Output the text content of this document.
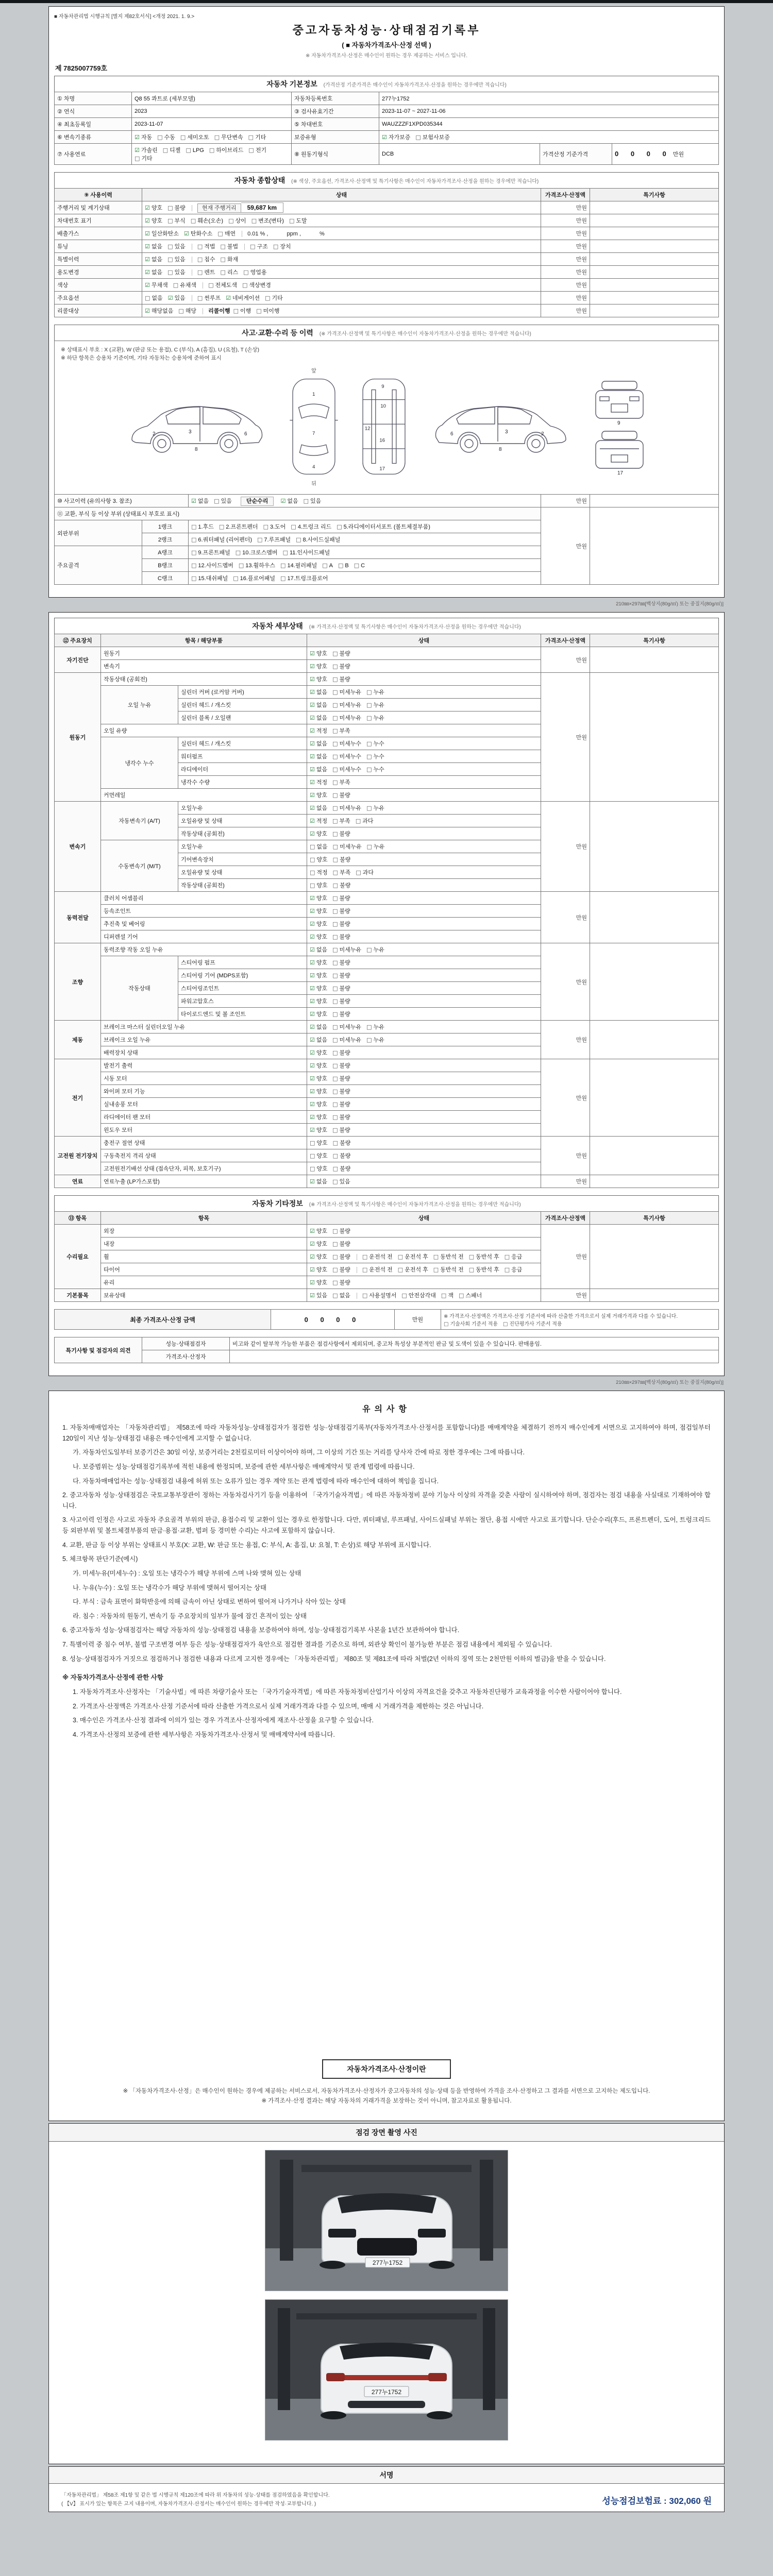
■ 자동차관리법 시행규칙 [별지 제82호서식] <개정 2021. 1. 9.>
중고자동차성능·상태점검기록부
( ■ 자동차가격조사·산정 선택 )
※ 자동차가격조사·산정은 매수인이 원하는 경우 제공하는 서비스 입니다.
제 7825007759호
자동차 기본정보 (가격산정 기준가격은 매수인이 자동차가격조사·산정을 원하는 경우에만 적습니다)
① 차명	Q8 55 콰트로 (세부모델)	자동차등록번호	277누1752		
② 연식	2023	③ 검사유효기간	2023-11-07 ~ 2027-11-06		
④ 최초등록일	2023-11-07	⑤ 차대번호	WAUZZZF1XPD035344		
⑥ 변속기종류	☑ 자동 □ 수동 □ 세미오토 □ 무단변속 □ 기타	보증유형	☑ 자가보증 □ 보험사보증		
⑦ 사용연료	☑ 가솔린 □ 디젤 □ LPG □ 하이브리드 □ 전기□ 기타	⑧ 원동기형식	DCB	가격산정 기준가격	0 0 0 0 만원
자동차 종합상태 (※ 색상, 주요옵션, 가격조사·산정액 및 특기사항은 매수인이 자동차가격조사·산정을 원하는 경우에만 적습니다)
⑨ 사용이력	상태	가격조사·산정액	특기사항
주행거리 및 계기상태	☑ 양호 □ 불량 현재 주행거리 59,687 km	만원	
차대번호 표기	☑ 양호 □ 부식 □ 훼손(오손) □ 상이 □ 변조(변타) □ 도말	만원	
배출가스	☑ 일산화탄소 ☑ 탄화수소 □ 매연 0.01 % ,　　　 ppm ,　　　 %	만원	
튜닝	☑ 없음 □ 있음 □ 적법 □ 불법 □ 구조 □ 장치	만원	
특별이력	☑ 없음 □ 있음 □ 침수 □ 화재	만원	
용도변경	☑ 없음 □ 있음 □ 렌트 □ 리스 □ 영업용	만원	
색상	☑ 무채색 □ 유채색 □ 전체도색 □ 색상변경	만원	
주요옵션	□ 없음 ☑ 있음 □ 썬루프 ☑ 네비게이션 □ 기타	만원	
리콜대상	☑ 해당없음 □ 해당 리콜이행 □ 이행 □ 미이행	만원	
사고·교환·수리 등 이력 (※ 가격조사·산정액 및 특기사항은 매수인이 자동차가격조사·산정을 원하는 경우에만 적습니다)
※ 상태표시 부호 : X (교환), W (판금 또는 용접), C (부식), A (흠집), U (요철), T (손상)
※ 하단 항목은 승용차 기준이며, 기타 자동차는 승용차에 준하여 표시
2	3	6
8
앞
1
7
4
뒤
9
10
12
16
17
2
3
6
8
9
17
⑩ 사고이력 (유의사항 3. 참조)		☑ 없음 □ 있음 단순수리 ☑ 없음 □ 있음	만원	
⑪ 교환, 부식 등 이상 부위 (상태표시 부호로 표시)			만원	
외판부위	1랭크	□ 1.후드 □ 2.프론트펜더 □ 3.도어 □ 4.트렁크 리드 □ 5.라디에이터서포트 (볼트체결부품)		
	2랭크	□ 6.쿼터패널 (리어펜더) □ 7.루프패널 □ 8.사이드실패널		
주요골격	A랭크	□ 9.프론트패널 □ 10.크로스멤버 □ 11.인사이드패널		
	B랭크	□ 12.사이드멤버 □ 13.휠하우스 □ 14.필러패널 □ A □ B □ C		
	C랭크	□ 15.대쉬패널 □ 16.플로어패널 □ 17.트렁크플로어		
210㎜×297㎜[백상지(80g/㎡) 또는 중질지(80g/㎡)]
자동차 세부상태 (※ 가격조사·산정액 및 특기사항은 매수인이 자동차가격조사·산정을 원하는 경우에만 적습니다)
⑫ 주요장치	항목 / 해당부품		상태	가격조사·산정액	특기사항
자기진단	원동기		☑ 양호 □ 불량	만원	
	변속기		☑ 양호 □ 불량		
원동기	작동상태 (공회전)		☑ 양호 □ 불량	만원	
	오일 누유	실린더 커버 (로커암 커버)	☑ 없음 □ 미세누유 □ 누유		
		실린더 헤드 / 개스킷	☑ 없음 □ 미세누유 □ 누유		
		실린더 블록 / 오일팬	☑ 없음 □ 미세누유 □ 누유		
	오일 유량		☑ 적정 □ 부족		
	냉각수 누수	실린더 헤드 / 개스킷	☑ 없음 □ 미세누수 □ 누수		
		워터펌프	☑ 없음 □ 미세누수 □ 누수		
		라디에이터	☑ 없음 □ 미세누수 □ 누수		
		냉각수 수량	☑ 적정 □ 부족		
	커먼레일		☑ 양호 □ 불량		
변속기	자동변속기 (A/T)	오일누유	☑ 없음 □ 미세누유 □ 누유	만원	
		오일유량 및 상태	☑ 적정 □ 부족 □ 과다		
		작동상태 (공회전)	☑ 양호 □ 불량		
	수동변속기 (M/T)	오일누유	□ 없음 □ 미세누유 □ 누유		
		기어변속장치	□ 양호 □ 불량		
		오일유량 및 상태	□ 적정 □ 부족 □ 과다		
		작동상태 (공회전)	□ 양호 □ 불량		
동력전달	클러치 어셈블리		☑ 양호 □ 불량	만원	
	등속조인트		☑ 양호 □ 불량		
	추진축 및 베어링		☑ 양호 □ 불량		
	디퍼렌셜 기어		☑ 양호 □ 불량		
조향	동력조향 작동 오일 누유		☑ 없음 □ 미세누유 □ 누유	만원	
	작동상태	스티어링 펌프	☑ 양호 □ 불량		
		스티어링 기어 (MDPS포함)	☑ 양호 □ 불량		
		스티어링조인트	☑ 양호 □ 불량		
		파워고압호스	☑ 양호 □ 불량		
		타이로드엔드 및 볼 조인트	☑ 양호 □ 불량		
제동	브레이크 마스터 실린더오일 누유		☑ 없음 □ 미세누유 □ 누유	만원	
	브레이크 오일 누유		☑ 없음 □ 미세누유 □ 누유		
	배력장치 상태		☑ 양호 □ 불량		
전기	발전기 출력		☑ 양호 □ 불량	만원	
	시동 모터		☑ 양호 □ 불량		
	와이퍼 모터 기능		☑ 양호 □ 불량		
	실내송풍 모터		☑ 양호 □ 불량		
	라디에이터 팬 모터		☑ 양호 □ 불량		
	윈도우 모터		☑ 양호 □ 불량		
고전원 전기장치	충전구 절연 상태		□ 양호 □ 불량	만원	
	구동축전지 격리 상태		□ 양호 □ 불량		
	고전원전기배선 상태 (접속단자, 피복, 보호기구)		□ 양호 □ 불량		
연료	연료누출 (LP가스포함)		☑ 없음 □ 있음	만원	
자동차 기타정보 (※ 가격조사·산정액 및 특기사항은 매수인이 자동차가격조사·산정을 원하는 경우에만 적습니다)
⑬ 항목	항목	상태	가격조사·산정액	특기사항
수리필요	외장	☑ 양호 □ 불량	만원	
	내장	☑ 양호 □ 불량		
	휠	☑ 양호 □ 불량 □ 운전석 전 □ 운전석 후 □ 동반석 전 □ 동반석 후 □ 응급		
	타이어	☑ 양호 □ 불량 □ 운전석 전 □ 운전석 후 □ 동반석 전 □ 동반석 후 □ 응급		
	유리	☑ 양호 □ 불량		
기본품목	보유상태	☑ 있음 □ 없음 □ 사용설명서 □ 안전삼각대 □ 잭 □ 스패너	만원	
최종 가격조사·산정 금액	0 0 0 0	만원	※ 가격조사·산정액은 가격조사·산정 기준서에 따라 산출한 가격으로서 실제 거래가격과 다를 수 있습니다. □ 기술사회 기준서 적용 □ 진단평가사 기준서 적용
특기사항 및 점검자의 의견	성능·상태점검자	비고와 같이 탈부착 가능한 부품은 점검사항에서 제외되며, 중고차 특성상 부분적인 판금 및 도색이 있을 수 있습니다. 판매용임.
	가격조사·산정자	
210㎜×297㎜[백상지(80g/㎡) 또는 중질지(80g/㎡)]
유의사항
1. 자동차매매업자는 「자동차관리법」 제58조에 따라 자동차성능·상태점검자가 점검한 성능·상태점검기록부(자동차가격조사·산정서를 포함합니다)를 매매계약을 체결하기 전까지 매수인에게 서면으로 고지하여야 하며, 점검일부터 120일이 지난 성능·상태점검 내용은 매수인에게 고지할 수 없습니다.
가. 자동차인도일부터 보증기간은 30일 이상, 보증거리는 2천킬로미터 이상이어야 하며, 그 이상의 기간 또는 거리를 당사자 간에 따로 정한 경우에는 그에 따릅니다.
나. 보증범위는 성능·상태점검기록부에 적힌 내용에 한정되며, 보증에 관한 세부사항은 매매계약서 및 관계 법령에 따릅니다.
다. 자동차매매업자는 성능·상태점검 내용에 허위 또는 오류가 있는 경우 계약 또는 관계 법령에 따라 매수인에 대하여 책임을 집니다.
2. 중고자동차 성능·상태점검은 국토교통부장관이 정하는 자동차검사기기 등을 이용하여 「국가기술자격법」에 따른 자동차정비 분야 기능사 이상의 자격을 갖춘 사람이 실시하여야 하며, 점검자는 점검 내용을 사실대로 기재하여야 합니다.
3. 사고이력 인정은 사고로 자동차 주요골격 부위의 판금, 용접수리 및 교환이 있는 경우로 한정합니다. 다만, 쿼터패널, 루프패널, 사이드실패널 부위는 절단, 용접 시에만 사고로 표기합니다. 단순수리(후드, 프론트펜더, 도어, 트렁크리드 등 외판부위 및 볼트체결부품의 판금·용접·교환, 범퍼 등 경미한 수리)는 사고에 포함하지 않습니다.
4. 교환, 판금 등 이상 부위는 상태표시 부호(X: 교환, W: 판금 또는 용접, C: 부식, A: 흠집, U: 요철, T: 손상)로 해당 부위에 표시합니다.
5. 체크항목 판단기준(예시)
가. 미세누유(미세누수) : 오일 또는 냉각수가 해당 부위에 스며 나와 맺혀 있는 상태
나. 누유(누수) : 오일 또는 냉각수가 해당 부위에 맺혀서 떨어지는 상태
다. 부식 : 금속 표면이 화학반응에 의해 금속이 아닌 상태로 변하여 떨어져 나가거나 삭아 있는 상태
라. 침수 : 자동차의 원동기, 변속기 등 주요장치의 일부가 물에 잠긴 흔적이 있는 상태
6. 중고자동차 성능·상태점검자는 해당 자동차의 성능·상태점검 내용을 보증하여야 하며, 성능·상태점검기록부 사본을 1년간 보관하여야 합니다.
7. 특별이력 중 침수 여부, 불법 구조변경 여부 등은 성능·상태점검자가 육안으로 점검한 결과를 기준으로 하며, 외관상 확인이 불가능한 부분은 점검 내용에서 제외될 수 있습니다.
8. 성능·상태점검자가 거짓으로 점검하거나 점검한 내용과 다르게 고지한 경우에는 「자동차관리법」 제80조 및 제81조에 따라 처벌(2년 이하의 징역 또는 2천만원 이하의 벌금)을 받을 수 있습니다.
※ 자동차가격조사·산정에 관한 사항
1. 자동차가격조사·산정자는 「기술사법」에 따른 차량기술사 또는 「국가기술자격법」에 따른 자동차정비산업기사 이상의 자격요건을 갖추고 자동차진단평가 교육과정을 이수한 사람이어야 합니다.
2. 가격조사·산정액은 가격조사·산정 기준서에 따라 산출한 가격으로서 실제 거래가격과 다를 수 있으며, 매매 시 거래가격을 제한하는 것은 아닙니다.
3. 매수인은 가격조사·산정 결과에 이의가 있는 경우 가격조사·산정자에게 재조사·산정을 요구할 수 있습니다.
4. 가격조사·산정의 보증에 관한 세부사항은 자동차가격조사·산정서 및 매매계약서에 따릅니다.
자동차가격조사·산정이란
※ 「자동차가격조사·산정」은 매수인이 원하는 경우에 제공하는 서비스로서, 자동차가격조사·산정자가 중고자동차의 성능·상태 등을 반영하여 가격을 조사·산정하고 그 결과를 서면으로 고지하는 제도입니다.
※ 가격조사·산정 결과는 해당 자동차의 거래가격을 보장하는 것이 아니며, 참고자료로 활용됩니다.
점검 장면 촬영 사진
277누1752
277누1752
서명
「자동차관리법」 제58조 제1항 및 같은 법 시행규칙 제120조에 따라 위 자동차의 성능·상태를 점검하였음을 확인합니다.
( 【V】 표시가 있는 항목은 고지 내용이며, 자동차가격조사·산정서는 매수인이 원하는 경우에만 작성·교부합니다. )	성능점검보험료 : 302,060 원
